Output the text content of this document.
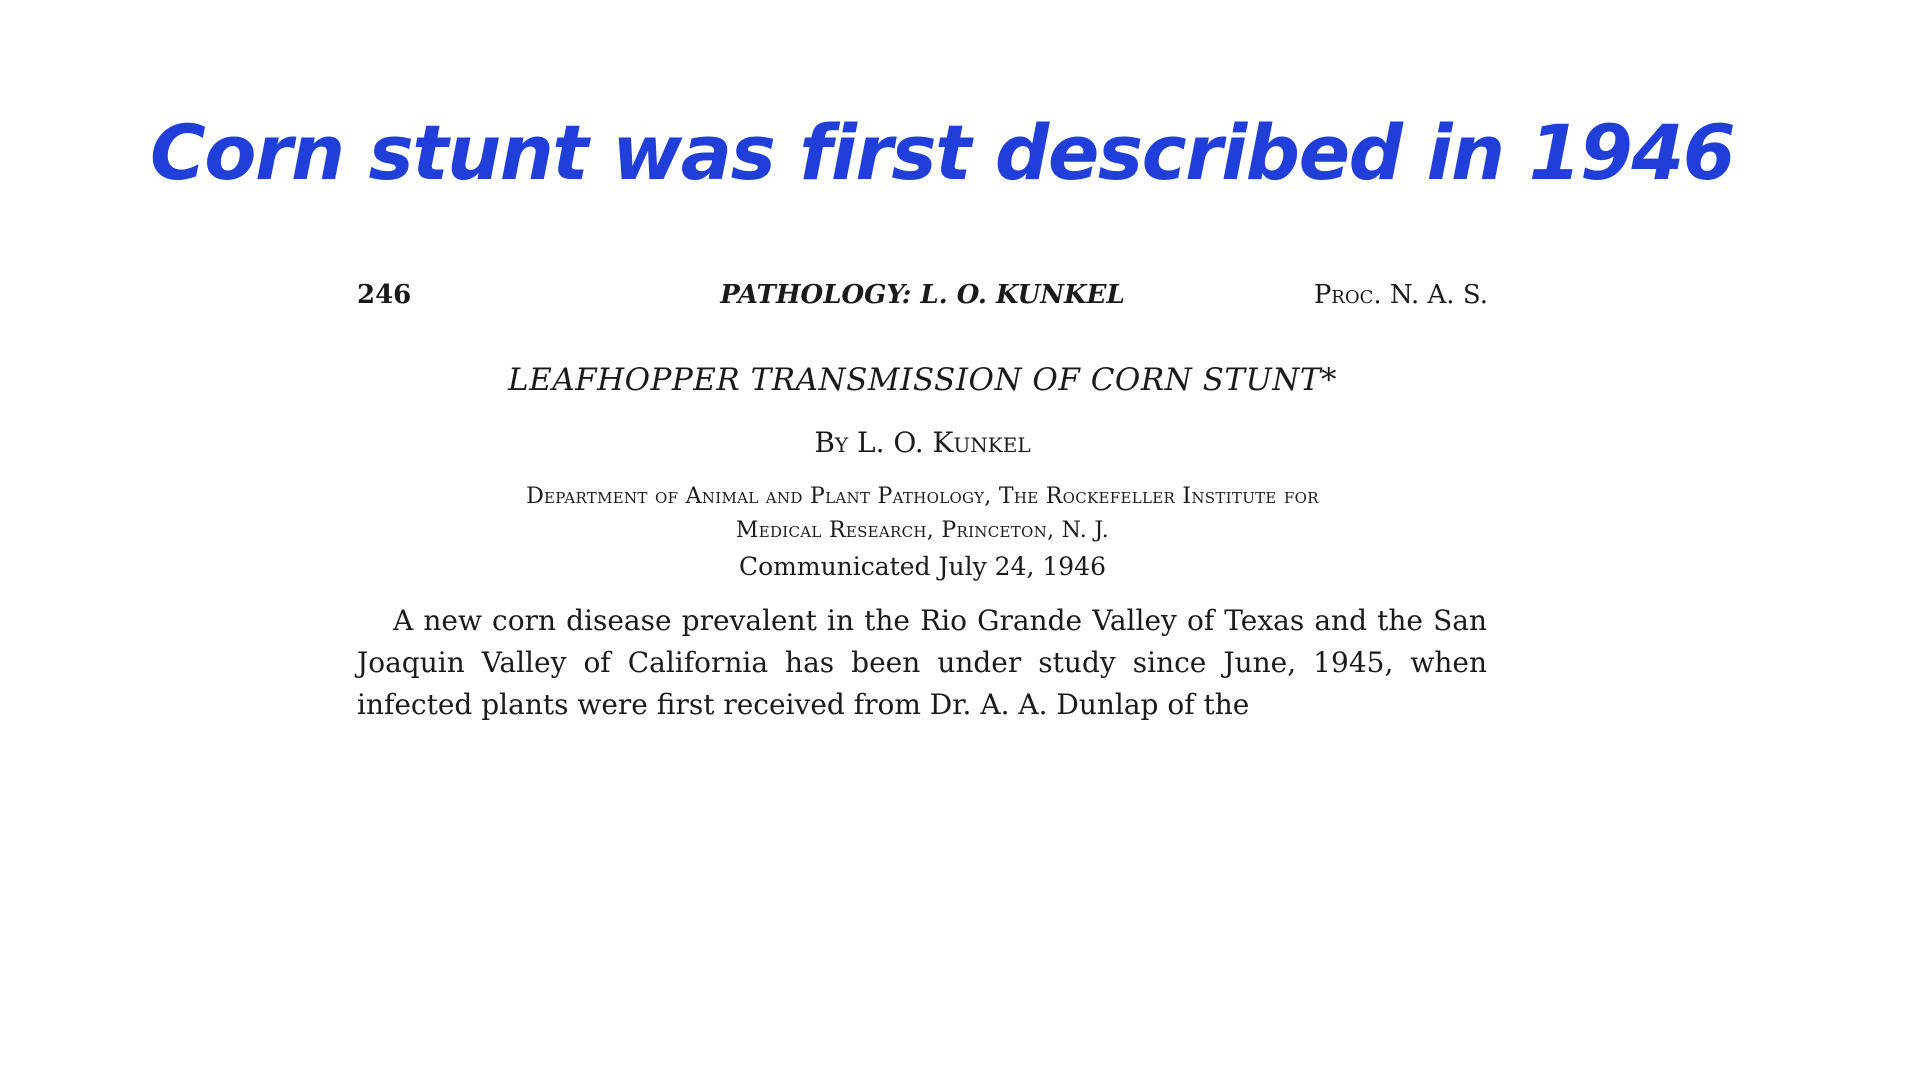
Corn stunt was first described in 1946
246	PATHOLOGY: L. O. KUNKEL	Proc. N. A. S.
LEAFHOPPER TRANSMISSION OF CORN STUNT*
By L. O. Kunkel
Department of Animal and Plant Pathology, The Rockefeller Institute for
Medical Research, Princeton, N. J.
Communicated July 24, 1946

A new corn disease prevalent in the Rio Grande Valley of Texas and the San Joaquin Valley of California has been under study since June, 1945, when infected plants were first received from Dr. A. A. Dunlap of the
